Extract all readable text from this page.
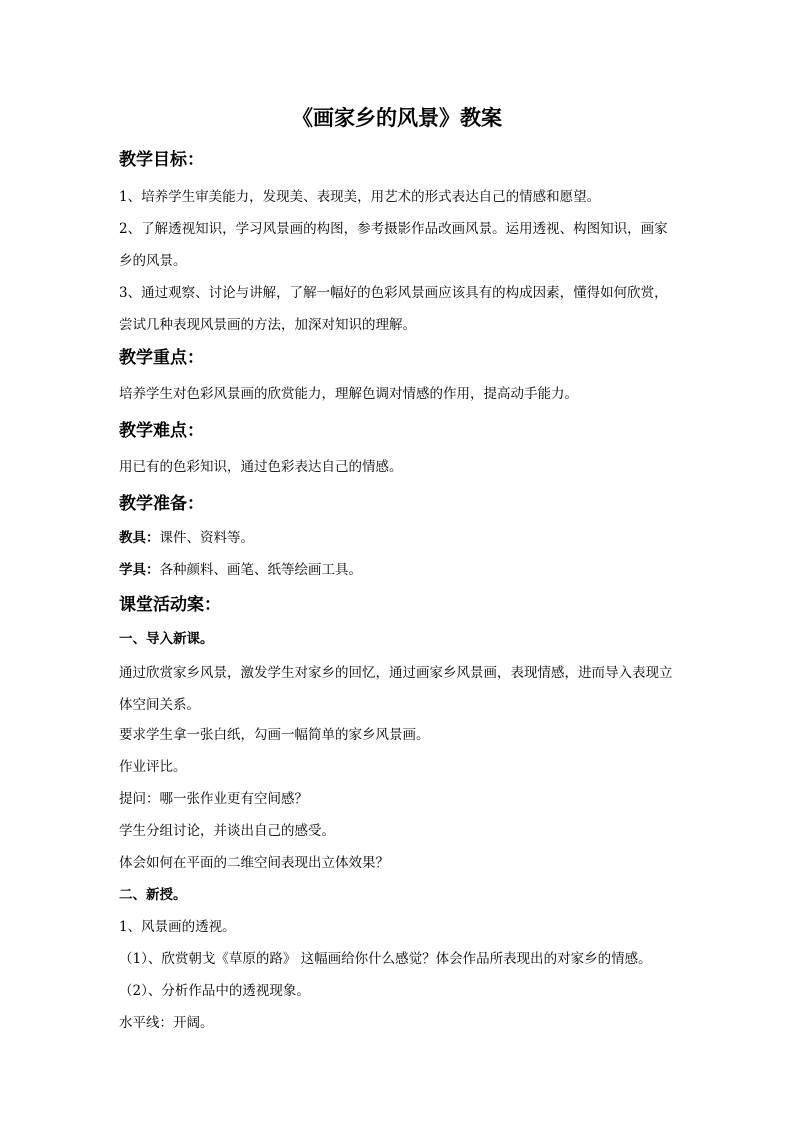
《画家乡的风景》教案
教学目标：
1、培养学生审美能力，发现美、表现美，用艺术的形式表达自己的情感和愿望。
2、了解透视知识，学习风景画的构图，参考摄影作品改画风景。运用透视、构图知识，画家乡的风景。
3、通过观察、讨论与讲解，了解一幅好的色彩风景画应该具有的构成因素，懂得如何欣赏，尝试几种表现风景画的方法，加深对知识的理解。
教学重点：
培养学生对色彩风景画的欣赏能力，理解色调对情感的作用，提高动手能力。
教学难点：
用已有的色彩知识，通过色彩表达自己的情感。
教学准备：
教具：课件、资料等。
学具：各种颜料、画笔、纸等绘画工具。
课堂活动案：
一、导入新课。
通过欣赏家乡风景，激发学生对家乡的回忆，通过画家乡风景画，表现情感，进而导入表现立体空间关系。
要求学生拿一张白纸，勾画一幅简单的家乡风景画。
作业评比。
提问：哪一张作业更有空间感？
学生分组讨论，并谈出自己的感受。
体会如何在平面的二维空间表现出立体效果？
二、新授。
1、风景画的透视。
（1）、欣赏朝戈《草原的路》 这幅画给你什么感觉？体会作品所表现出的对家乡的情感。
（2）、分析作品中的透视现象。
水平线：开阔。
